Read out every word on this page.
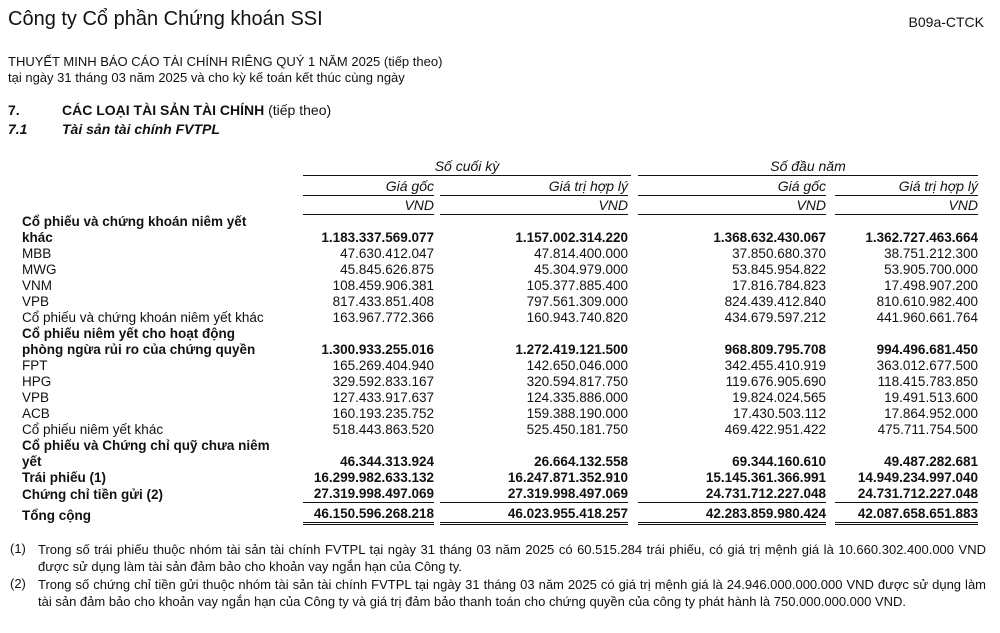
Công ty Cổ phần Chứng khoán SSI	B09a-CTCK
THUYẾT MINH BÁO CÁO TÀI CHÍNH RIÊNG QUÝ 1 NĂM 2025 (tiếp theo)
tại ngày 31 tháng 03 năm 2025 và cho kỳ kế toán kết thúc cùng ngày
7.	CÁC LOẠI TÀI SẢN TÀI CHÍNH (tiếp theo)
7.1 Tài sản tài chính FVTPL
Số cuối kỳ	Số đầu năm
Giá gốc	Giá trị hợp lý	Giá gốc	Giá trị hợp lý
VND	VND	VND	VND
Cổ phiếu và chứng khoán niêm yết							
khác	1.183.337.569.077		1.157.002.314.220		1.368.632.430.067		1.362.727.463.664
MBB	47.630.412.047		47.814.400.000		37.850.680.370		38.751.212.300
MWG	45.845.626.875		45.304.979.000		53.845.954.822		53.905.700.000
VNM	108.459.906.381		105.377.885.400		17.816.784.823		17.498.907.200
VPB	817.433.851.408		797.561.309.000		824.439.412.840		810.610.982.400
Cổ phiếu và chứng khoán niêm yết khác	163.967.772.366		160.943.740.820		434.679.597.212		441.960.661.764
Cổ phiếu niêm yết cho hoạt động							
phòng ngừa rủi ro của chứng quyền	1.300.933.255.016		1.272.419.121.500		968.809.795.708		994.496.681.450
FPT	165.269.404.940		142.650.046.000		342.455.410.919		363.012.677.500
HPG	329.592.833.167		320.594.817.750		119.676.905.690		118.415.783.850
VPB	127.433.917.637		124.335.886.000		19.824.024.565		19.491.513.600
ACB	160.193.235.752		159.388.190.000		17.430.503.112		17.864.952.000
Cổ phiếu niêm yết khác	518.443.863.520		525.450.181.750		469.422.951.422		475.711.754.500
Cổ phiếu và Chứng chỉ quỹ chưa niêm							
yết	46.344.313.924		26.664.132.558		69.344.160.610		49.487.282.681
Trái phiếu (1)	16.299.982.633.132		16.247.871.352.910		15.145.361.366.991		14.949.234.997.040
Chứng chỉ tiền gửi (2)	27.319.998.497.069		27.319.998.497.069		24.731.712.227.048		24.731.712.227.048
Tổng cộng	46.150.596.268.218		46.023.955.418.257		42.283.859.980.424		42.087.658.651.883
(1) Trong số trái phiếu thuộc nhóm tài sản tài chính FVTPL tại ngày 31 tháng 03 năm 2025 có 60.515.284 trái phiếu, có giá trị mệnh giá là 10.660.302.400.000 VND được sử dụng làm tài sản đảm bảo cho khoản vay ngắn hạn của Công ty.
(2) Trong số chứng chỉ tiền gửi thuộc nhóm tài sản tài chính FVTPL tại ngày 31 tháng 03 năm 2025 có giá trị mệnh giá là 24.946.000.000.000 VND được sử dụng làm tài sản đảm bảo cho khoản vay ngắn hạn của Công ty và giá trị đảm bảo thanh toán cho chứng quyền của công ty phát hành là 750.000.000.000 VND.
